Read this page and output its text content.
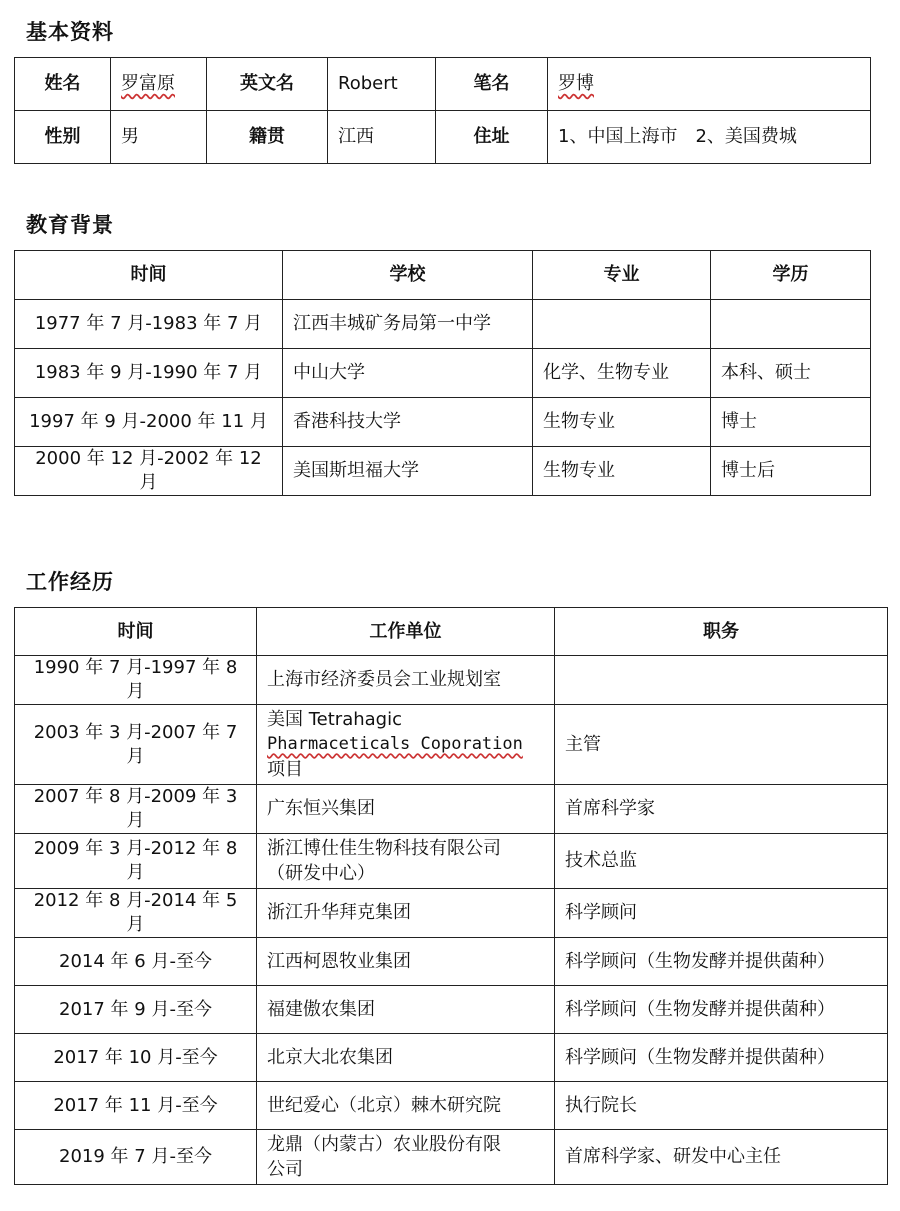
基本资料
姓名	罗富原	英文名	Robert	笔名	罗博
性别	男	籍贯	江西	住址	1、中国上海市　2、美国费城
教育背景
时间	学校	专业	学历
1977 年 7 月-1983 年 7 月	江西丰城矿务局第一中学		
1983 年 9 月-1990 年 7 月	中山大学	化学、生物专业	本科、硕士
1997 年 9 月-2000 年 11 月	香港科技大学	生物专业	博士
2000 年 12 月-2002 年 12 月	美国斯坦福大学	生物专业	博士后
工作经历
时间	工作单位	职务
1990 年 7 月-1997 年 8 月	上海市经济委员会工业规划室	
2003 年 3 月-2007 年 7 月	美国 Tetrahagic
Pharmaceticals Coporation
项目	主管
2007 年 8 月-2009 年 3 月	广东恒兴集团	首席科学家
2009 年 3 月-2012 年 8 月	浙江博仕佳生物科技有限公司
（研发中心）	技术总监
2012 年 8 月-2014 年 5 月	浙江升华拜克集团	科学顾问
2014 年 6 月-至今	江西柯恩牧业集团	科学顾问（生物发酵并提供菌种）
2017 年 9 月-至今	福建傲农集团	科学顾问（生物发酵并提供菌种）
2017 年 10 月-至今	北京大北农集团	科学顾问（生物发酵并提供菌种）
2017 年 11 月-至今	世纪爱心（北京）棘木研究院	执行院长
2019 年 7 月-至今	龙鼎（内蒙古）农业股份有限
公司	首席科学家、研发中心主任
